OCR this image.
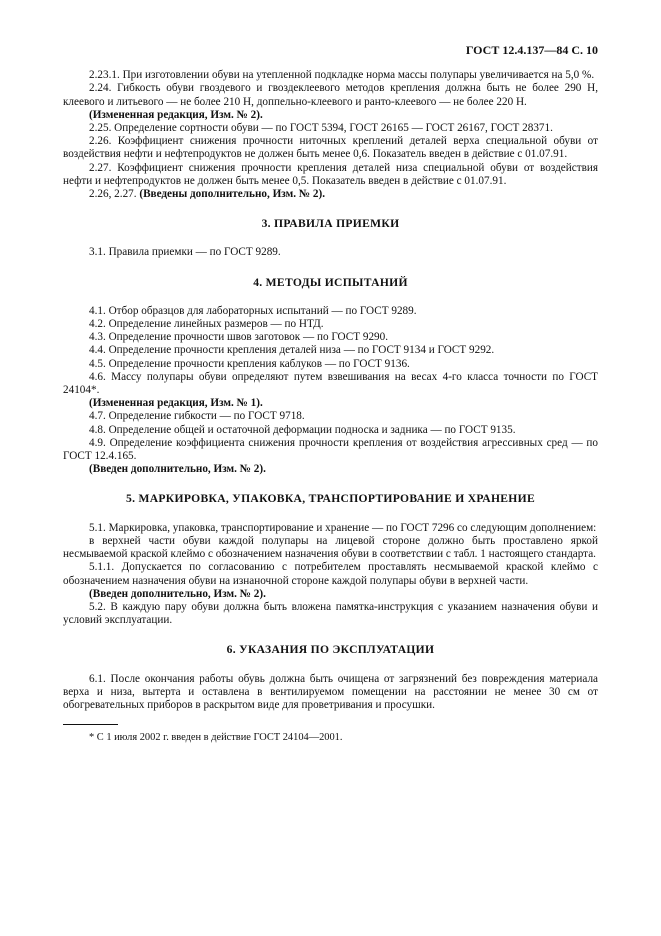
ГОСТ 12.4.137—84 С. 10

2.23.1. При изготовлении обуви на утепленной подкладке норма массы полупары увеличивается на 5,0 %.

2.24. Гибкость обуви гвоздевого и гвоздеклеевого методов крепления должна быть не более 290 Н, клеевого и литьевого — не более 210 Н, доппельно-клеевого и ранто-клеевого — не более 220 Н.

(Измененная редакция, Изм. № 2).

2.25. Определение сортности обуви — по ГОСТ 5394, ГОСТ 26165 — ГОСТ 26167, ГОСТ 28371.

2.26. Коэффициент снижения прочности ниточных креплений деталей верха специальной обуви от воздействия нефти и нефтепродуктов не должен быть менее 0,6. Показатель введен в действие с 01.07.91.

2.27. Коэффициент снижения прочности крепления деталей низа специальной обуви от воздействия нефти и нефтепродуктов не должен быть менее 0,5. Показатель введен в действие с 01.07.91.

2.26, 2.27. (Введены дополнительно, Изм. № 2).

3. ПРАВИЛА ПРИЕМКИ

3.1. Правила приемки — по ГОСТ 9289.

4. МЕТОДЫ ИСПЫТАНИЙ

4.1. Отбор образцов для лабораторных испытаний — по ГОСТ 9289.

4.2. Определение линейных размеров — по НТД.

4.3. Определение прочности швов заготовок — по ГОСТ 9290.

4.4. Определение прочности крепления деталей низа — по ГОСТ 9134 и ГОСТ 9292.

4.5. Определение прочности крепления каблуков — по ГОСТ 9136.

4.6. Массу полупары обуви определяют путем взвешивания на весах 4-го класса точности по ГОСТ 24104*.

(Измененная редакция, Изм. № 1).

4.7. Определение гибкости — по ГОСТ 9718.

4.8. Определение общей и остаточной деформации подноска и задника — по ГОСТ 9135.

4.9. Определение коэффициента снижения прочности крепления от воздействия агрессивных сред — по ГОСТ 12.4.165.

(Введен дополнительно, Изм. № 2).

5. МАРКИРОВКА, УПАКОВКА, ТРАНСПОРТИРОВАНИЕ И ХРАНЕНИЕ

5.1. Маркировка, упаковка, транспортирование и хранение — по ГОСТ 7296 со следующим дополнением:

в верхней части обуви каждой полупары на лицевой стороне должно быть проставлено яркой несмываемой краской клеймо с обозначением назначения обуви в соответствии с табл. 1 настоящего стандарта.

5.1.1. Допускается по согласованию с потребителем проставлять несмываемой краской клеймо с обозначением назначения обуви на изнаночной стороне каждой полупары обуви в верхней части.

(Введен дополнительно, Изм. № 2).

5.2. В каждую пару обуви должна быть вложена памятка-инструкция с указанием назначения обуви и условий эксплуатации.

6. УКАЗАНИЯ ПО ЭКСПЛУАТАЦИИ

6.1. После окончания работы обувь должна быть очищена от загрязнений без повреждения материала верха и низа, вытерта и оставлена в вентилируемом помещении на расстоянии не менее 30 см от обогревательных приборов в раскрытом виде для проветривания и просушки.

* С 1 июля 2002 г. введен в действие ГОСТ 24104—2001.
